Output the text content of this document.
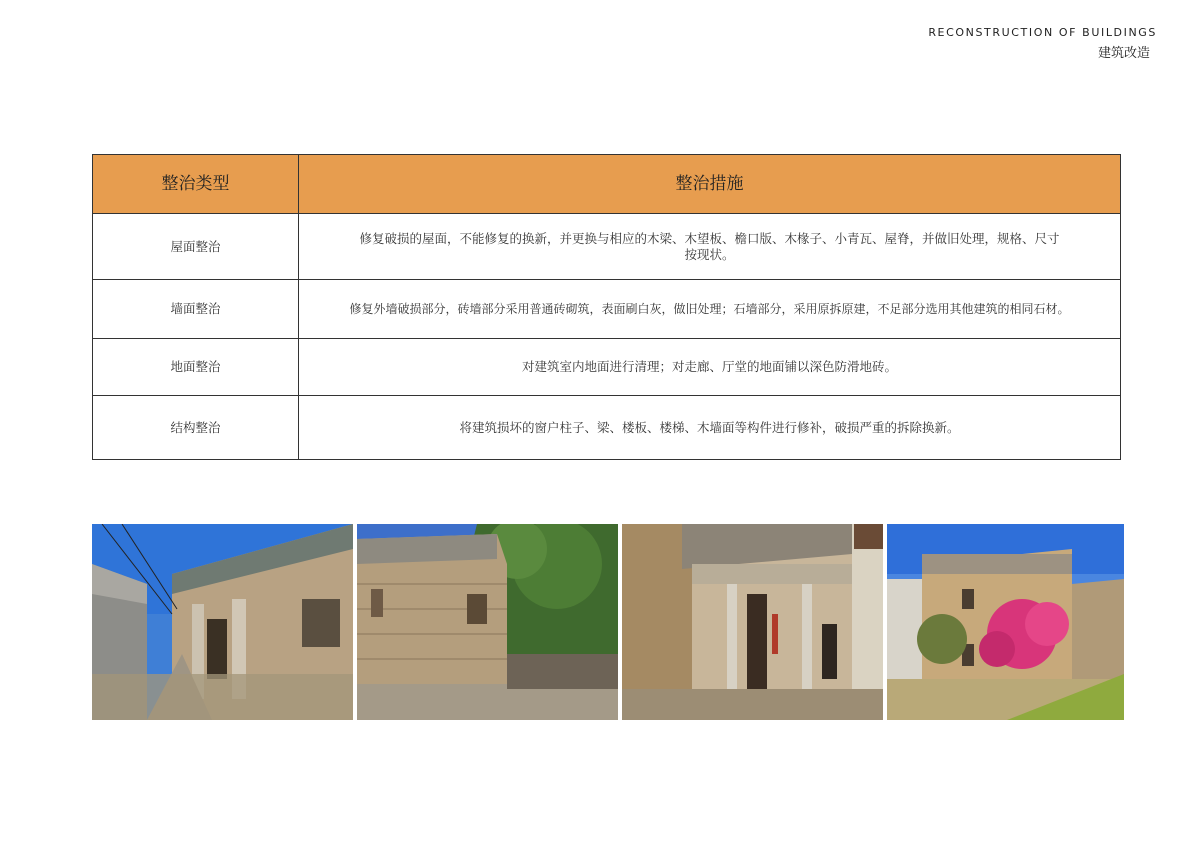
RECONSTRUCTION OF BUILDINGS
建筑改造
整治类型	整治措施
屋面整治	修复破损的屋面，不能修复的换新，并更换与相应的木梁、木望板、檐口版、木椽子、小青瓦、屋脊，并做旧处理，规格、尺寸按现状。

墙面整治	修复外墙破损部分，砖墙部分采用普通砖砌筑，表面刷白灰，做旧处理；石墙部分，采用原拆原建，不足部分选用其他建筑的相同石材。
地面整治	对建筑室内地面进行清理；对走廊、厅堂的地面铺以深色防滑地砖。
结构整治	将建筑损坏的窗户柱子、梁、楼板、楼梯、木墙面等构件进行修补，破损严重的拆除换新。
